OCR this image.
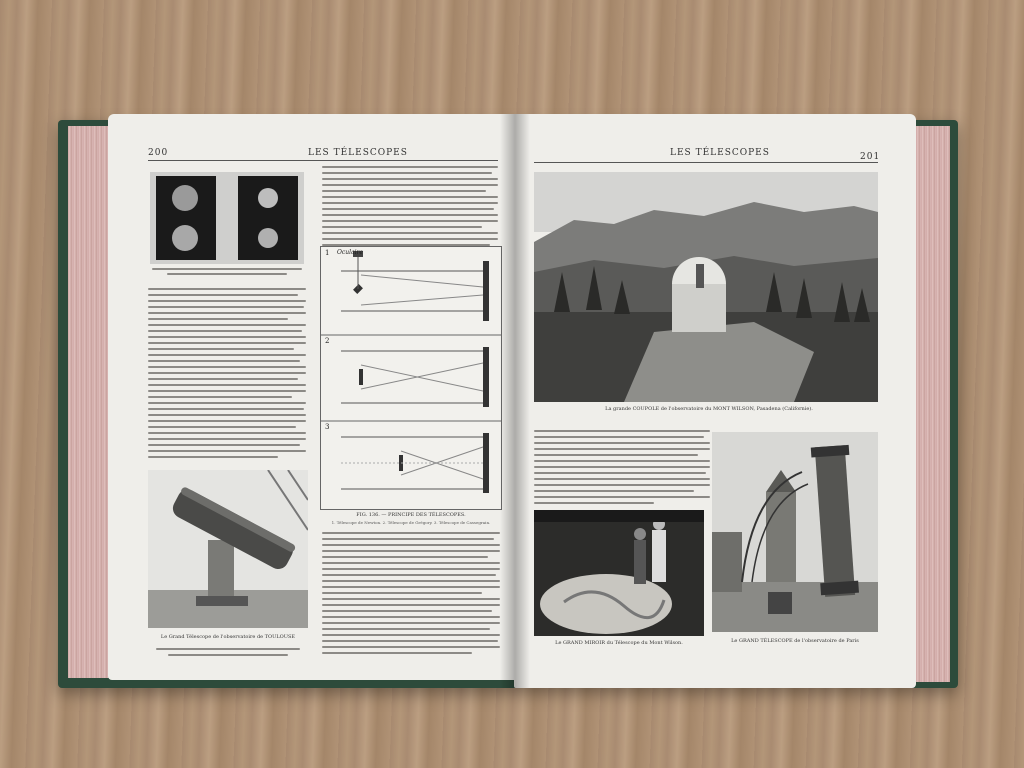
200	LES TÉLESCOPES
Le Grand Télescope de l'observatoire de TOULOUSE
1 Oculaire
2
3
FIG. 136. — PRINCIPE DES TÉLESCOPES.
1. Télescope de Newton. 2. Télescope de Grégory. 3. Télescope de Cassegrain.
LES TÉLESCOPES	201
La grande COUPOLE de l'observatoire du MONT WILSON, Pasadena (Californie).
Le GRAND MIROIR du Télescope du Mont Wilson.	Le GRAND TÉLESCOPE de l'observatoire de Paris
